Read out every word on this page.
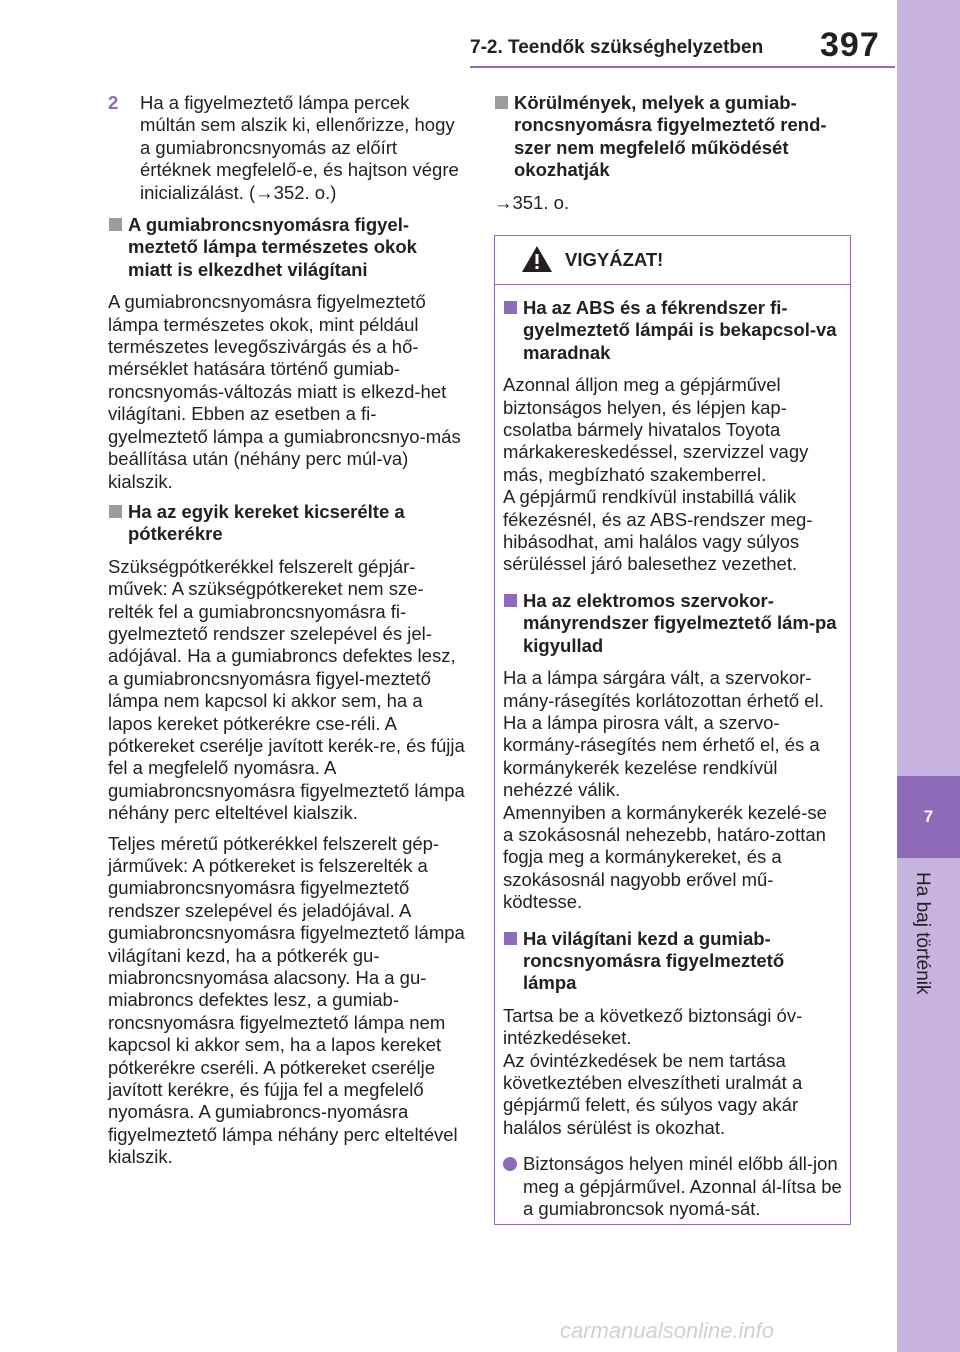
7-2. Teendők szükséghelyzetben 397
7
Ha baj történik
2 Ha a figyelmeztető lámpa percek múltán sem alszik ki, ellenőrizze, hogy a gumiabroncsnyomás az előírt értéknek megfelelő-e, és hajtson végre inicializálást. (→352. o.)
A gumiabroncsnyomásra figyel-meztető lámpa természetes okok miatt is elkezdhet világítani

A gumiabroncsnyomásra figyelmeztető lámpa természetes okok, mint például természetes levegőszivárgás és a hő-mérséklet hatására történő gumiab-roncsnyomás-változás miatt is elkezd-het világítani. Ebben az esetben a fi-gyelmeztető lámpa a gumiabroncsnyo-más beállítása után (néhány perc múl-va) kialszik.

Ha az egyik kereket kicserélte a pótkerékre

Szükségpótkerékkel felszerelt gépjár-művek: A szükségpótkereket nem sze-relték fel a gumiabroncsnyomásra fi-gyelmeztető rendszer szelepével és jel-adójával. Ha a gumiabroncs defektes lesz, a gumiabroncsnyomásra figyel-meztető lámpa nem kapcsol ki akkor sem, ha a lapos kereket pótkerékre cse-réli. A pótkereket cserélje javított kerék-re, és fújja fel a megfelelő nyomásra. A gumiabroncsnyomásra figyelmeztető lámpa néhány perc elteltével kialszik.

Teljes méretű pótkerékkel felszerelt gép-járművek: A pótkereket is felszerelték a gumiabroncsnyomásra figyelmeztető rendszer szelepével és jeladójával. A gumiabroncsnyomásra figyelmeztető lámpa világítani kezd, ha a pótkerék gu-miabroncsnyomása alacsony. Ha a gu-miabroncs defektes lesz, a gumiab-roncsnyomásra figyelmeztető lámpa nem kapcsol ki akkor sem, ha a lapos kereket pótkerékre cseréli. A pótkereket cserélje javított kerékre, és fújja fel a megfelelő nyomásra. A gumiabroncs-nyomásra figyelmeztető lámpa néhány perc elteltével kialszik.

Körülmények, melyek a gumiab-roncsnyomásra figyelmeztető rend-szer nem megfelelő működését okozhatják

→351. o.

VIGYÁZAT!
Ha az ABS és a fékrendszer fi-gyelmeztető lámpái is bekapcsol-va maradnak

Azonnal álljon meg a gépjárművel biztonságos helyen, és lépjen kap-csolatba bármely hivatalos Toyota márkakereskedéssel, szervizzel vagy más, megbízható szakemberrel.
A gépjármű rendkívül instabillá válik fékezésnél, és az ABS-rendszer meg-hibásodhat, ami halálos vagy súlyos sérüléssel járó balesethez vezethet.

Ha az elektromos szervokor-mányrendszer figyelmeztető lám-pa kigyullad

Ha a lámpa sárgára vált, a szervokor-mány-rásegítés korlátozottan érhető el. Ha a lámpa pirosra vált, a szervo-kormány-rásegítés nem érhető el, és a kormánykerék kezelése rendkívül nehézzé válik.
Amennyiben a kormánykerék kezelé-se a szokásosnál nehezebb, határo-zottan fogja meg a kormánykereket, és a szokásosnál nagyobb erővel mű-ködtesse.

Ha világítani kezd a gumiab-roncsnyomásra figyelmeztető lámpa

Tartsa be a következő biztonsági óv-intézkedéseket.
Az óvintézkedések be nem tartása következtében elveszítheti uralmát a gépjármű felett, és súlyos vagy akár halálos sérülést is okozhat.

Biztonságos helyen minél előbb áll-jon meg a gépjárművel. Azonnal ál-lítsa be a gumiabroncsok nyomá-sát.
carmanualsonline.info
